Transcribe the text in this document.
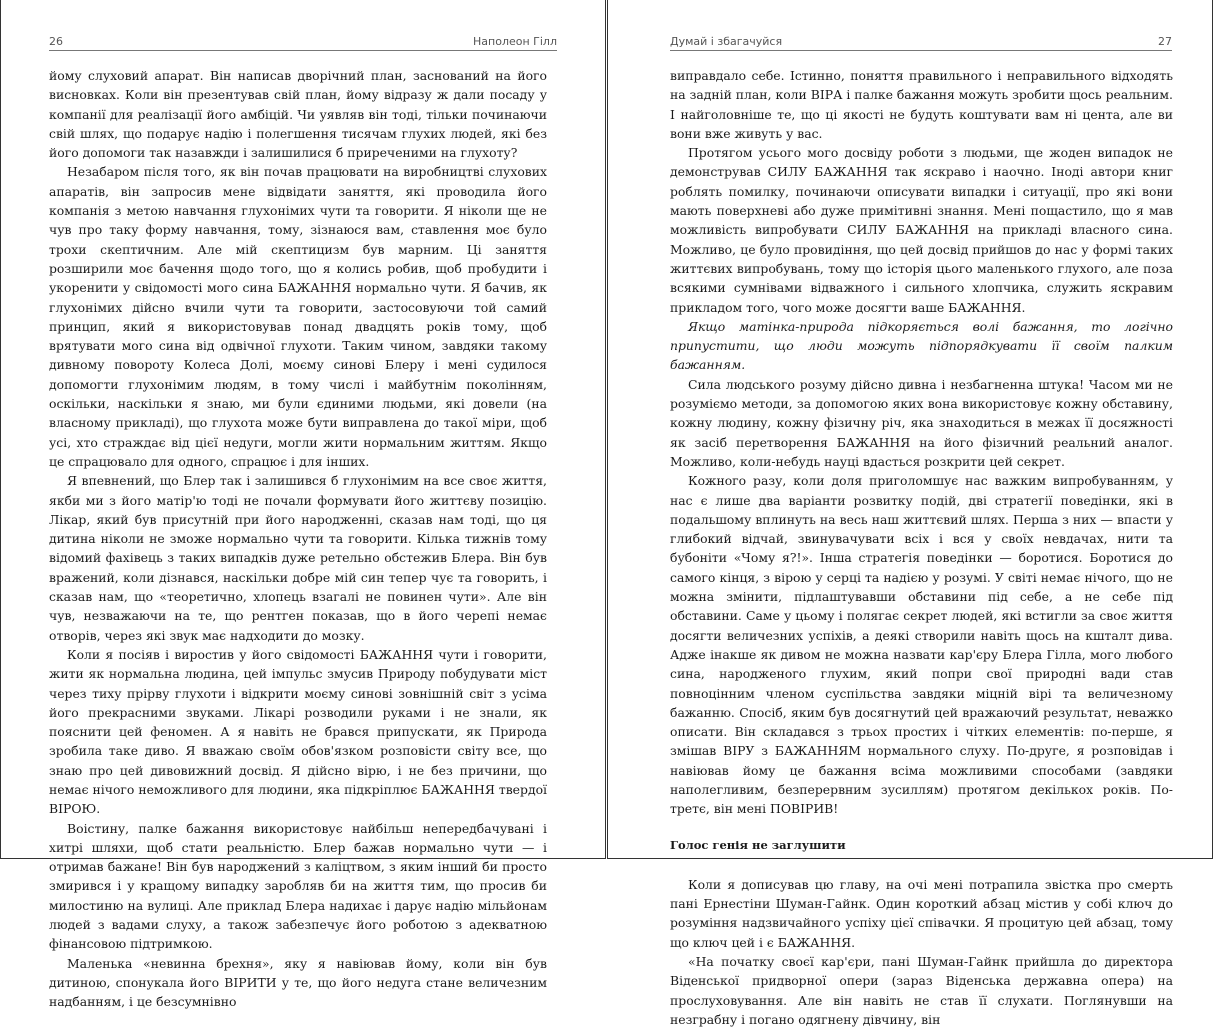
26	Наполеон Гілл

йому слуховий апарат. Він написав дворічний план, заснований на його висновках. Коли він презентував свій план, йому відразу ж дали посаду у компанії для реалізації його амбіцій. Чи уявляв він тоді, тільки починаючи свій шлях, що подарує надію і полегшення тисячам глухих людей, які без його допомоги так назавжди і залишилися б приреченими на глухоту?

Незабаром після того, як він почав працювати на виробництві слухових апаратів, він запросив мене відвідати заняття, які проводила його компанія з метою навчання глухонімих чути та говорити. Я ніколи ще не чув про таку форму навчання, тому, зізнаюся вам, ставлення моє було трохи скептичним. Але мій скептицизм був марним. Ці заняття розширили моє бачення щодо того, що я колись робив, щоб пробудити і укоренити у свідомості мого сина БАЖАННЯ нормально чути. Я бачив, як глухонімих дійсно вчили чути та говорити, застосовуючи той самий принцип, який я використовував понад двадцять років тому, щоб врятувати мого сина від одвічної глухоти. Таким чином, завдяки такому дивному повороту Колеса Долі, моєму синові Блеру і мені судилося допомогти глухонімим людям, в тому числі і майбутнім поколінням, оскільки, наскільки я знаю, ми були єдиними людьми, які довели (на власному прикладі), що глухота може бути виправлена до такої міри, щоб усі, хто страждає від цієї недуги, могли жити нормальним життям. Якщо це спрацювало для одного, спрацює і для інших.

Я впевнений, що Блер так і залишився б глухонімим на все своє життя, якби ми з його матір'ю тоді не почали формувати його життєву позицію. Лікар, який був присутній при його народженні, сказав нам тоді, що ця дитина ніколи не зможе нормально чути та говорити. Кілька тижнів тому відомий фахівець з таких випадків дуже ретельно обстежив Блера. Він був вражений, коли дізнався, наскільки добре мій син тепер чує та говорить, і сказав нам, що «теоретично, хлопець взагалі не повинен чути». Але він чув, незважаючи на те, що рентген показав, що в його черепі немає отворів, через які звук має надходити до мозку.

Коли я посіяв і виростив у його свідомості БАЖАННЯ чути і говорити, жити як нормальна людина, цей імпульс змусив Природу побудувати міст через тиху прірву глухоти і відкрити моєму синові зовнішній світ з усіма його прекрасними звуками. Лікарі розводили руками і не знали, як пояснити цей феномен. А я навіть не брався припускати, як Природа зробила таке диво. Я вважаю своїм обов'язком розповісти світу все, що знаю про цей дивовижний досвід. Я дійсно вірю, і не без причини, що немає нічого неможливого для людини, яка підкріплює БАЖАННЯ твердої ВІРОЮ.

Воістину, палке бажання використовує найбільш непередбачувані і хитрі шляхи, щоб стати реальністю. Блер бажав нормально чути — і отримав бажане! Він був народжений з каліцтвом, з яким інший би просто змирився і у кращому випадку заробляв би на життя тим, що просив би милостиню на вулиці. Але приклад Блера надихає і дарує надію мільйонам людей з вадами слуху, а також забезпечує його роботою з адекватною фінансовою підтримкою.

Маленька «невинна брехня», яку я навіював йому, коли він був дитиною, спонукала його ВІРИТИ у те, що його недуга стане величезним надбанням, і це безсумнівно

Думай і збагачуйся	27

виправдало себе. Істинно, поняття правильного і неправильного відходять на задній план, коли ВІРА і палке бажання можуть зробити щось реальним. І найголовніше те, що ці якості не будуть коштувати вам ні цента, але ви вони вже живуть у вас.

Протягом усього мого досвіду роботи з людьми, ще жоден випадок не демонстрував СИЛУ БАЖАННЯ так яскраво і наочно. Іноді автори книг роблять помилку, починаючи описувати випадки і ситуації, про які вони мають поверхневі або дуже примітивні знання. Мені пощастило, що я мав можливість випробувати СИЛУ БАЖАННЯ на прикладі власного сина. Можливо, це було провидіння, що цей досвід прийшов до нас у формі таких життєвих випробувань, тому що історія цього маленького глухого, але поза всякими сумнівами відважного і сильного хлопчика, служить яскравим прикладом того, чого може досягти ваше БАЖАННЯ.

Якщо матінка-природа підкоряється волі бажання, то логічно припустити, що люди можуть підпорядкувати її своїм палким бажанням.

Сила людського розуму дійсно дивна і незбагненна штука! Часом ми не розуміємо методи, за допомогою яких вона використовує кожну обставину, кожну людину, кожну фізичну річ, яка знаходиться в межах її досяжності як засіб перетворення БАЖАННЯ на його фізичний реальний аналог. Можливо, коли-небудь науці вдасться розкрити цей секрет.

Кожного разу, коли доля приголомшує нас важким випробуванням, у нас є лише два варіанти розвитку подій, дві стратегії поведінки, які в подальшому вплинуть на весь наш життєвий шлях. Перша з них — впасти у глибокий відчай, звинувачувати всіх і вся у своїх невдачах, нити та бубоніти «Чому я?!». Інша стратегія поведінки — боротися. Боротися до самого кінця, з вірою у серці та надією у розумі. У світі немає нічого, що не можна змінити, підлаштувавши обставини під себе, а не себе під обставини. Саме у цьому і полягає секрет людей, які встигли за своє життя досягти величезних успіхів, а деякі створили навіть щось на кшталт дива. Адже інакше як дивом не можна назвати кар'єру Блера Гілла, мого любого сина, народженого глухим, який попри свої природні вади став повноцінним членом суспільства завдяки міцній вірі та величезному бажанню. Спосіб, яким був досягнутий цей вражаючий результат, неважко описати. Він складався з трьох простих і чітких елементів: по-перше, я змішав ВІРУ з БАЖАННЯМ нормального слуху. По-друге, я розповідав і навіював йому це бажання всіма можливими способами (завдяки наполегливим, безперервним зусиллям) протягом декількох років. По-третє, він мені ПОВІРИВ!

Голос генія не заглушити

Коли я дописував цю главу, на очі мені потрапила звістка про смерть пані Ернестіни Шуман-Гайнк. Один короткий абзац містив у собі ключ до розуміння надзвичайного успіху цієї співачки. Я процитую цей абзац, тому що ключ цей і є БАЖАННЯ.

«На початку своєї кар'єри, пані Шуман-Гайнк прийшла до директора Віденської придворної опери (зараз Віденська державна опера) на прослуховування. Але він навіть не став її слухати. Поглянувши на незграбну і погано одягнену дівчину, він
